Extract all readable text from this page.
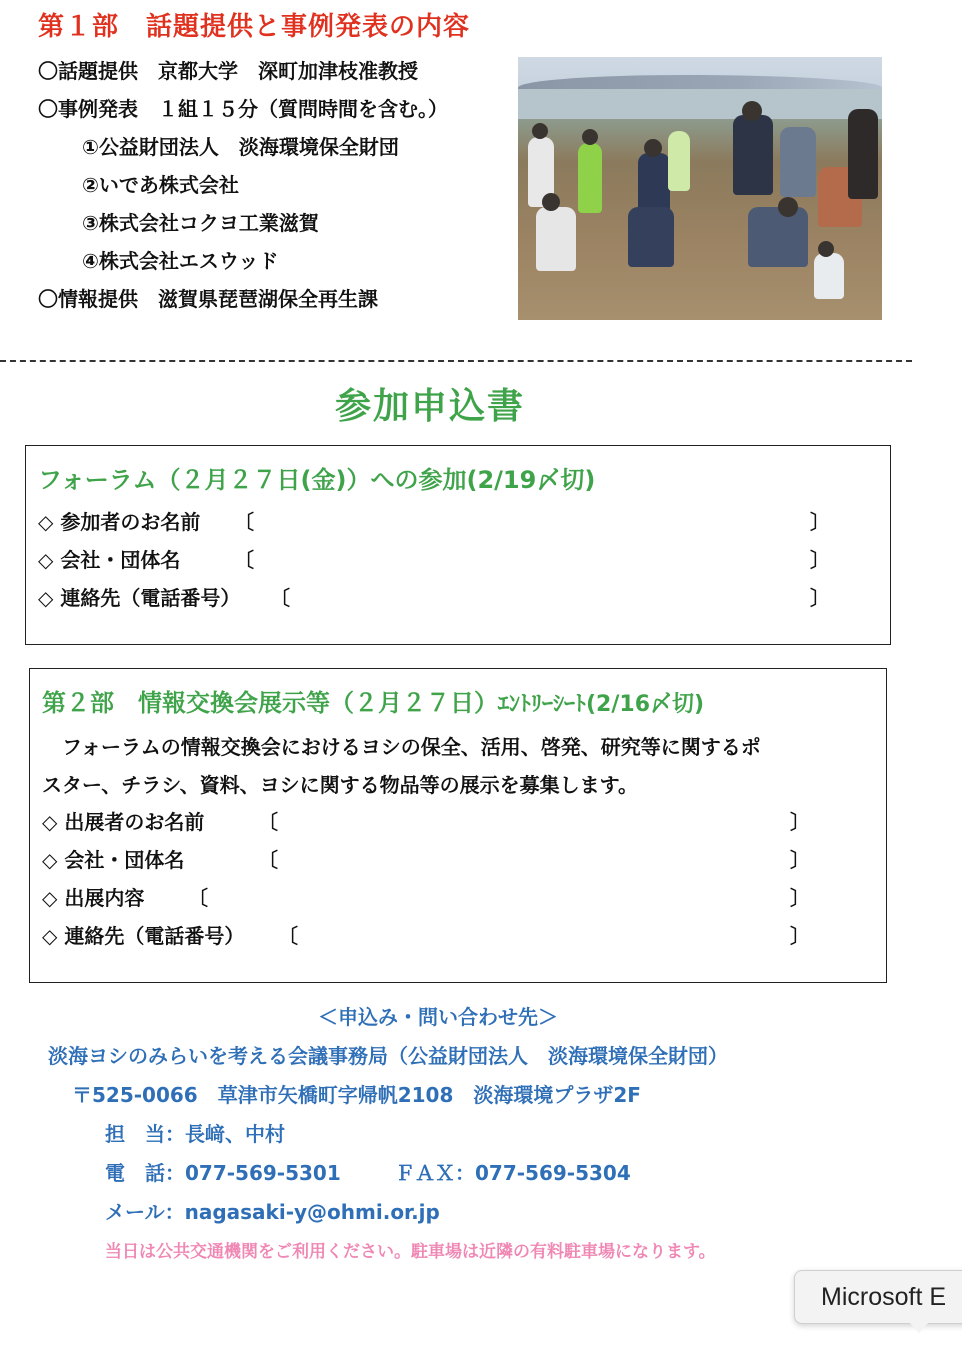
第１部　話題提供と事例発表の内容
〇話題提供　京都大学　深町加津枝准教授
〇事例発表　１組１５分（質問時間を含む。）
①公益財団法人　淡海環境保全財団
②いであ株式会社
③株式会社コクヨ工業滋賀
④株式会社エスウッド
〇情報提供　滋賀県琵琶湖保全再生課
参加申込書
フォーラム（２月２７日(金)）への参加(2/19〆切)
◇ 参加者のお名前 〔	〕
◇ 会社・団体名	〔	〕
◇ 連絡先（電話番号） 〔	〕
第２部　情報交換会展示等（２月２７日）ｴﾝﾄﾘｰｼｰﾄ(2/16〆切)
　フォーラムの情報交換会におけるヨシの保全、活用、啓発、研究等に関するポ
スター、チラシ、資料、ヨシに関する物品等の展示を募集します。
◇ 出展者のお名前	〔	〕
◇ 会社・団体名	〔	〕
◇ 出展内容 〔	〕
◇ 連絡先（電話番号） 〔	〕
＜申込み・問い合わせ先＞
淡海ヨシのみらいを考える会議事務局（公益財団法人　淡海環境保全財団）
〒525-0066　草津市矢橋町字帰帆2108　淡海環境プラザ2F
担　当：長﨑、中村
電　話：077-569-5301	ＦＡＸ：077-569-5304
メール：nagasaki-y@ohmi.or.jp
当日は公共交通機関をご利用ください。駐車場は近隣の有料駐車場になります。
Microsoft E
